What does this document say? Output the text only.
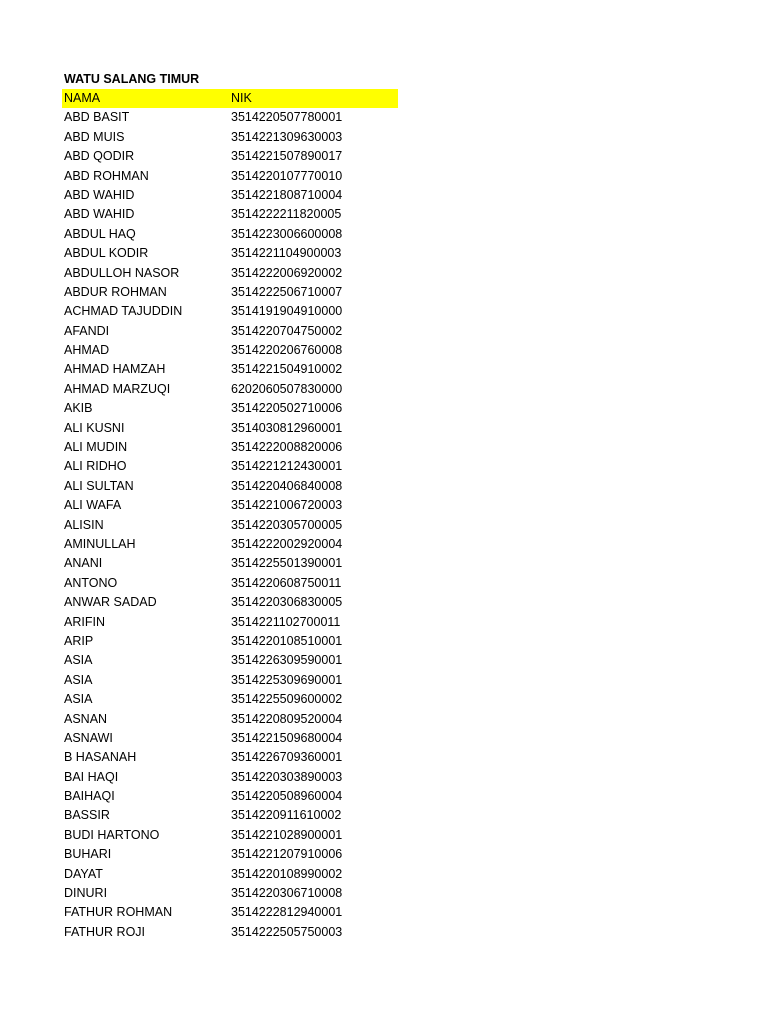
WATU SALANG TIMUR
NAMA	NIK
ABD BASIT	3514220507780001
ABD MUIS	3514221309630003
ABD QODIR	3514221507890017
ABD ROHMAN	3514220107770010
ABD WAHID	3514221808710004
ABD WAHID	3514222211820005
ABDUL HAQ	3514223006600008
ABDUL KODIR	3514221104900003
ABDULLOH NASOR	3514222006920002
ABDUR ROHMAN	3514222506710007
ACHMAD TAJUDDIN	3514191904910000
AFANDI	3514220704750002
AHMAD	3514220206760008
AHMAD HAMZAH	3514221504910002
AHMAD MARZUQI	6202060507830000
AKIB	3514220502710006
ALI KUSNI	3514030812960001
ALI MUDIN	3514222008820006
ALI RIDHO	3514221212430001
ALI SULTAN	3514220406840008
ALI WAFA	3514221006720003
ALISIN	3514220305700005
AMINULLAH	3514222002920004
ANANI	3514225501390001
ANTONO	3514220608750011
ANWAR SADAD	3514220306830005
ARIFIN	3514221102700011
ARIP	3514220108510001
ASIA	3514226309590001
ASIA	3514225309690001
ASIA	3514225509600002
ASNAN	3514220809520004
ASNAWI	3514221509680004
B HASANAH	3514226709360001
BAI HAQI	3514220303890003
BAIHAQI	3514220508960004
BASSIR	3514220911610002
BUDI HARTONO	3514221028900001
BUHARI	3514221207910006
DAYAT	3514220108990002
DINURI	3514220306710008
FATHUR ROHMAN	3514222812940001
FATHUR ROJI	3514222505750003
